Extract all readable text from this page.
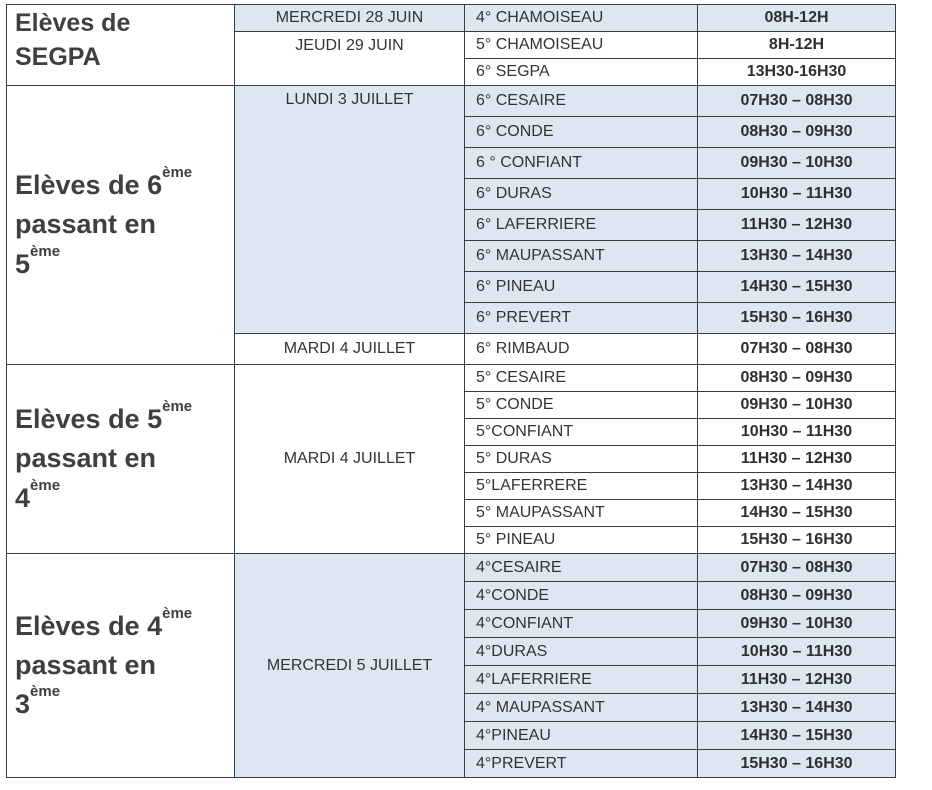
Elèves de
SEGPA	MERCREDI 28 JUIN	4° CHAMOISEAU	08H-12H
	JEUDI 29 JUIN	5° CHAMOISEAU	8H-12H
		6° SEGPA	13H30-16H30
Elèves de 6ème
passant en
5ème	LUNDI 3 JUILLET	6° CESAIRE	07H30 – 08H30
		6° CONDE	08H30 – 09H30
		6 ° CONFIANT	09H30 – 10H30
		6° DURAS	10H30 – 11H30
		6° LAFERRIERE	11H30 – 12H30
		6° MAUPASSANT	13H30 – 14H30
		6° PINEAU	14H30 – 15H30
		6° PREVERT	15H30 – 16H30
	MARDI 4 JUILLET	6° RIMBAUD	07H30 – 08H30
Elèves de 5ème
passant en
4ème	MARDI 4 JUILLET	5° CESAIRE	08H30 – 09H30
		5° CONDE	09H30 – 10H30
		5°CONFIANT	10H30 – 11H30
		5° DURAS	11H30 – 12H30
		5°LAFERRERE	13H30 – 14H30
		5° MAUPASSANT	14H30 – 15H30
		5° PINEAU	15H30 – 16H30
Elèves de 4ème
passant en
3ème	MERCREDI 5 JUILLET	4°CESAIRE	07H30 – 08H30
		4°CONDE	08H30 – 09H30
		4°CONFIANT	09H30 – 10H30
		4°DURAS	10H30 – 11H30
		4°LAFERRIERE	11H30 – 12H30
		4° MAUPASSANT	13H30 – 14H30
		4°PINEAU	14H30 – 15H30
		4°PREVERT	15H30 – 16H30
